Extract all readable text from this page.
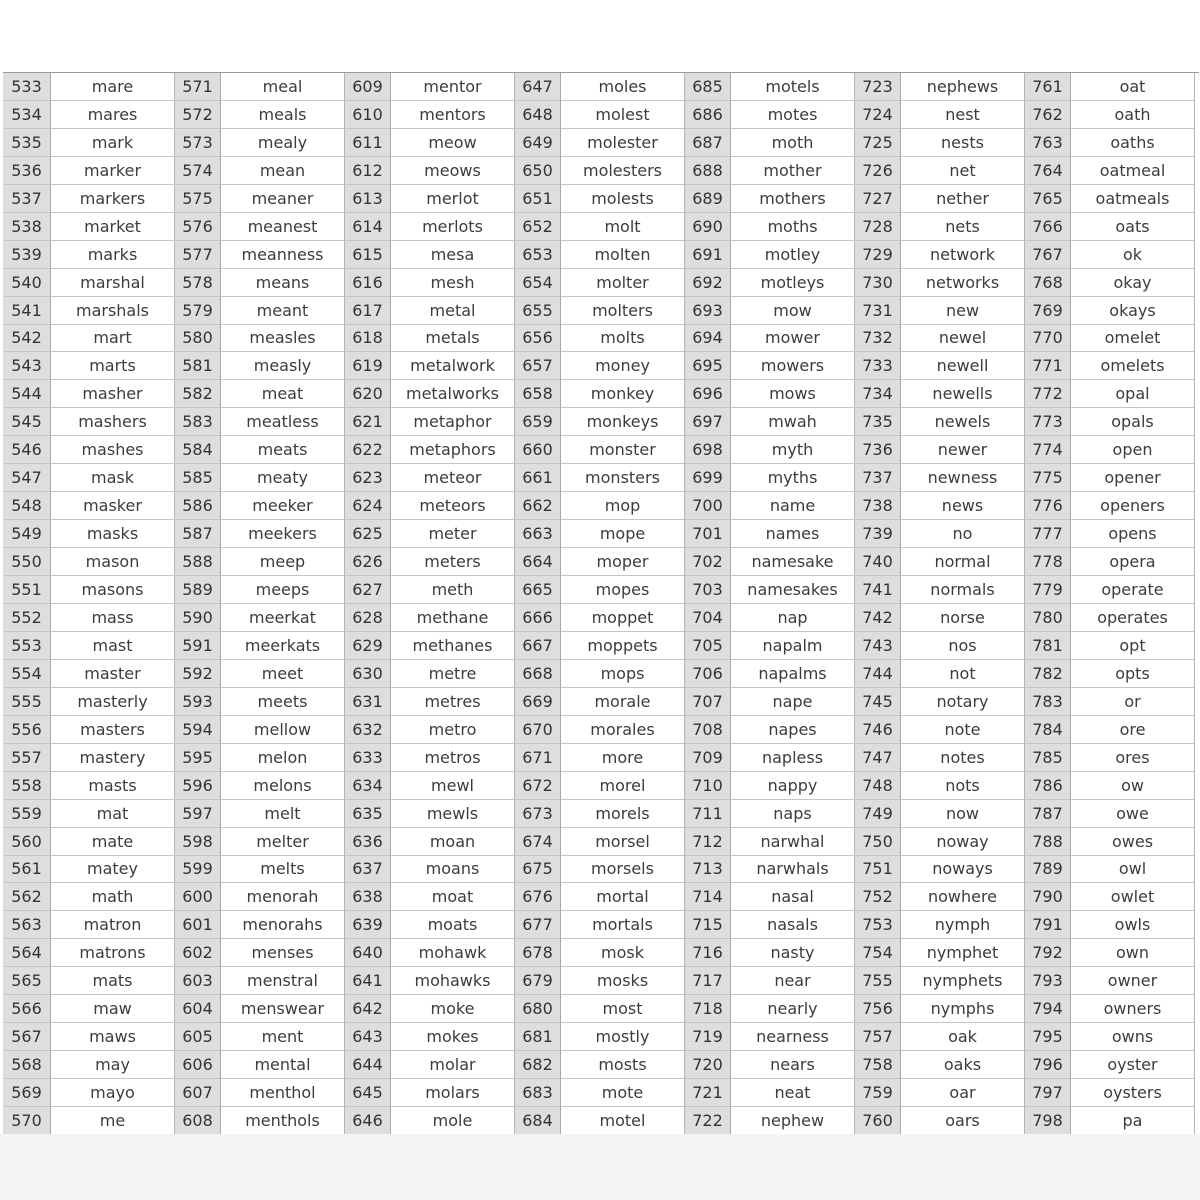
533	mare	571	meal	609	mentor	647	moles	685	motels	723	nephews	761	oat
534	mares	572	meals	610	mentors	648	molest	686	motes	724	nest	762	oath
535	mark	573	mealy	611	meow	649	molester	687	moth	725	nests	763	oaths
536	marker	574	mean	612	meows	650	molesters	688	mother	726	net	764	oatmeal
537	markers	575	meaner	613	merlot	651	molests	689	mothers	727	nether	765	oatmeals
538	market	576	meanest	614	merlots	652	molt	690	moths	728	nets	766	oats
539	marks	577	meanness	615	mesa	653	molten	691	motley	729	network	767	ok
540	marshal	578	means	616	mesh	654	molter	692	motleys	730	networks	768	okay
541	marshals	579	meant	617	metal	655	molters	693	mow	731	new	769	okays
542	mart	580	measles	618	metals	656	molts	694	mower	732	newel	770	omelet
543	marts	581	measly	619	metalwork	657	money	695	mowers	733	newell	771	omelets
544	masher	582	meat	620	metalworks	658	monkey	696	mows	734	newells	772	opal
545	mashers	583	meatless	621	metaphor	659	monkeys	697	mwah	735	newels	773	opals
546	mashes	584	meats	622	metaphors	660	monster	698	myth	736	newer	774	open
547	mask	585	meaty	623	meteor	661	monsters	699	myths	737	newness	775	opener
548	masker	586	meeker	624	meteors	662	mop	700	name	738	news	776	openers
549	masks	587	meekers	625	meter	663	mope	701	names	739	no	777	opens
550	mason	588	meep	626	meters	664	moper	702	namesake	740	normal	778	opera
551	masons	589	meeps	627	meth	665	mopes	703	namesakes	741	normals	779	operate
552	mass	590	meerkat	628	methane	666	moppet	704	nap	742	norse	780	operates
553	mast	591	meerkats	629	methanes	667	moppets	705	napalm	743	nos	781	opt
554	master	592	meet	630	metre	668	mops	706	napalms	744	not	782	opts
555	masterly	593	meets	631	metres	669	morale	707	nape	745	notary	783	or
556	masters	594	mellow	632	metro	670	morales	708	napes	746	note	784	ore
557	mastery	595	melon	633	metros	671	more	709	napless	747	notes	785	ores
558	masts	596	melons	634	mewl	672	morel	710	nappy	748	nots	786	ow
559	mat	597	melt	635	mewls	673	morels	711	naps	749	now	787	owe
560	mate	598	melter	636	moan	674	morsel	712	narwhal	750	noway	788	owes
561	matey	599	melts	637	moans	675	morsels	713	narwhals	751	noways	789	owl
562	math	600	menorah	638	moat	676	mortal	714	nasal	752	nowhere	790	owlet
563	matron	601	menorahs	639	moats	677	mortals	715	nasals	753	nymph	791	owls
564	matrons	602	menses	640	mohawk	678	mosk	716	nasty	754	nymphet	792	own
565	mats	603	menstral	641	mohawks	679	mosks	717	near	755	nymphets	793	owner
566	maw	604	menswear	642	moke	680	most	718	nearly	756	nymphs	794	owners
567	maws	605	ment	643	mokes	681	mostly	719	nearness	757	oak	795	owns
568	may	606	mental	644	molar	682	mosts	720	nears	758	oaks	796	oyster
569	mayo	607	menthol	645	molars	683	mote	721	neat	759	oar	797	oysters
570	me	608	menthols	646	mole	684	motel	722	nephew	760	oars	798	pa
